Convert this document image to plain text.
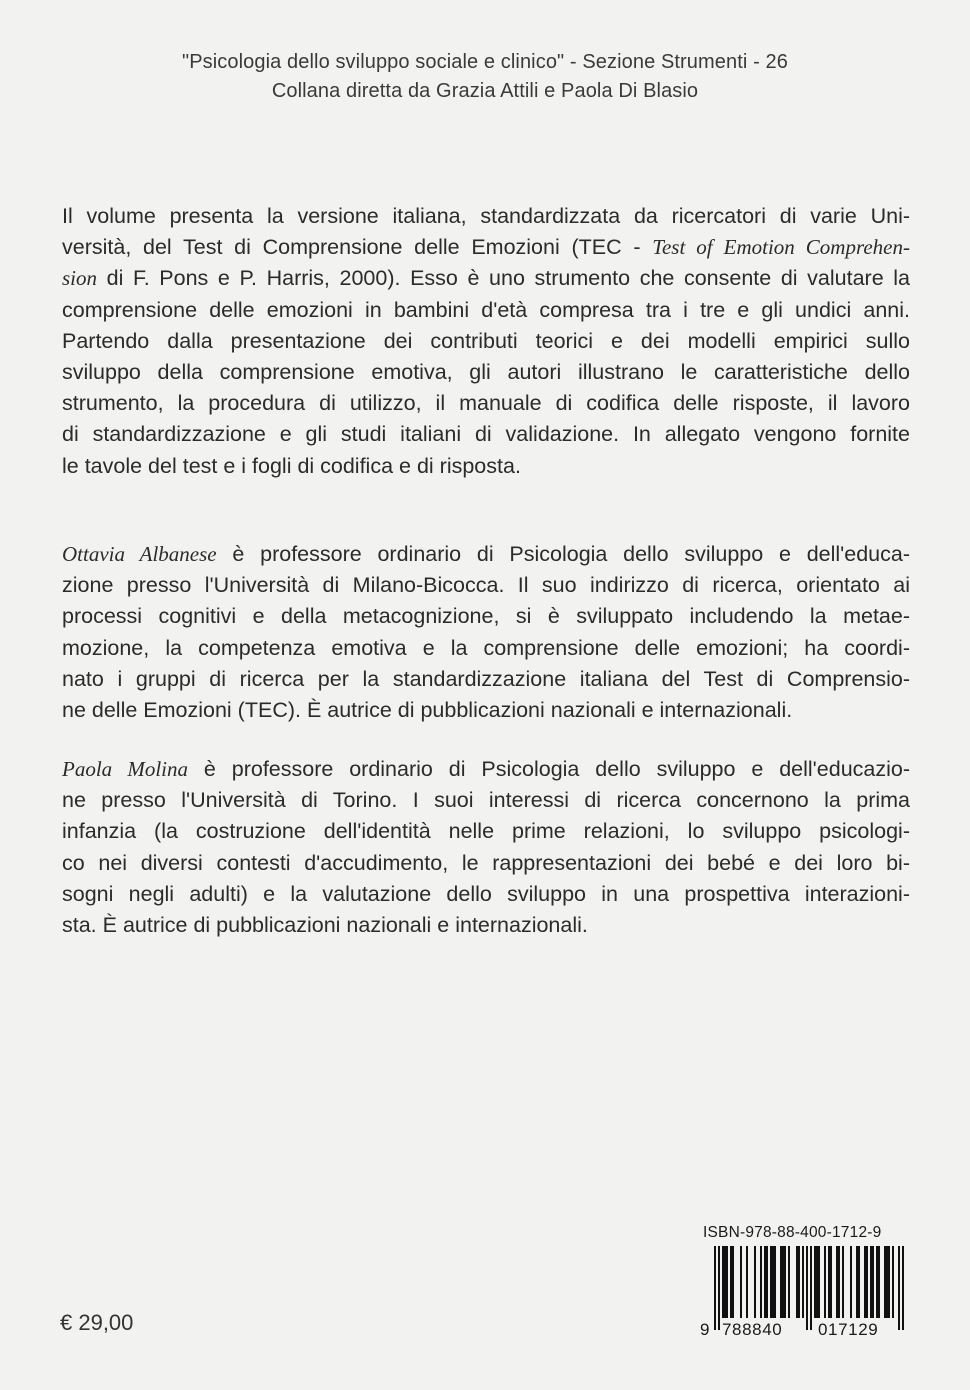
"Psicologia dello sviluppo sociale e clinico" - Sezione Strumenti - 26
Collana diretta da Grazia Attili e Paola Di Blasio
Il volume presenta la versione italiana, standardizzata da ricercatori di varie Uni-
versità, del Test di Comprensione delle Emozioni (TEC - Test of Emotion Comprehen-
sion di F. Pons e P. Harris, 2000). Esso è uno strumento che consente di valutare la
comprensione delle emozioni in bambini d'età compresa tra i tre e gli undici anni.
Partendo dalla presentazione dei contributi teorici e dei modelli empirici sullo
sviluppo della comprensione emotiva, gli autori illustrano le caratteristiche dello
strumento, la procedura di utilizzo, il manuale di codifica delle risposte, il lavoro
di standardizzazione e gli studi italiani di validazione. In allegato vengono fornite
le tavole del test e i fogli di codifica e di risposta.
Ottavia Albanese è professore ordinario di Psicologia dello sviluppo e dell'educa-
zione presso l'Università di Milano-Bicocca. Il suo indirizzo di ricerca, orientato ai
processi cognitivi e della metacognizione, si è sviluppato includendo la metae-
mozione, la competenza emotiva e la comprensione delle emozioni; ha coordi-
nato i gruppi di ricerca per la standardizzazione italiana del Test di Comprensio-
ne delle Emozioni (TEC). È autrice di pubblicazioni nazionali e internazionali.
Paola Molina è professore ordinario di Psicologia dello sviluppo e dell'educazio-
ne presso l'Università di Torino. I suoi interessi di ricerca concernono la prima
infanzia (la costruzione dell'identità nelle prime relazioni, lo sviluppo psicologi-
co nei diversi contesti d'accudimento, le rappresentazioni dei bebé e dei loro bi-
sogni negli adulti) e la valutazione dello sviluppo in una prospettiva interazioni-
sta. È autrice di pubblicazioni nazionali e internazionali.
€ 29,00
ISBN-978-88-400-1712-9
9 788840 017129
